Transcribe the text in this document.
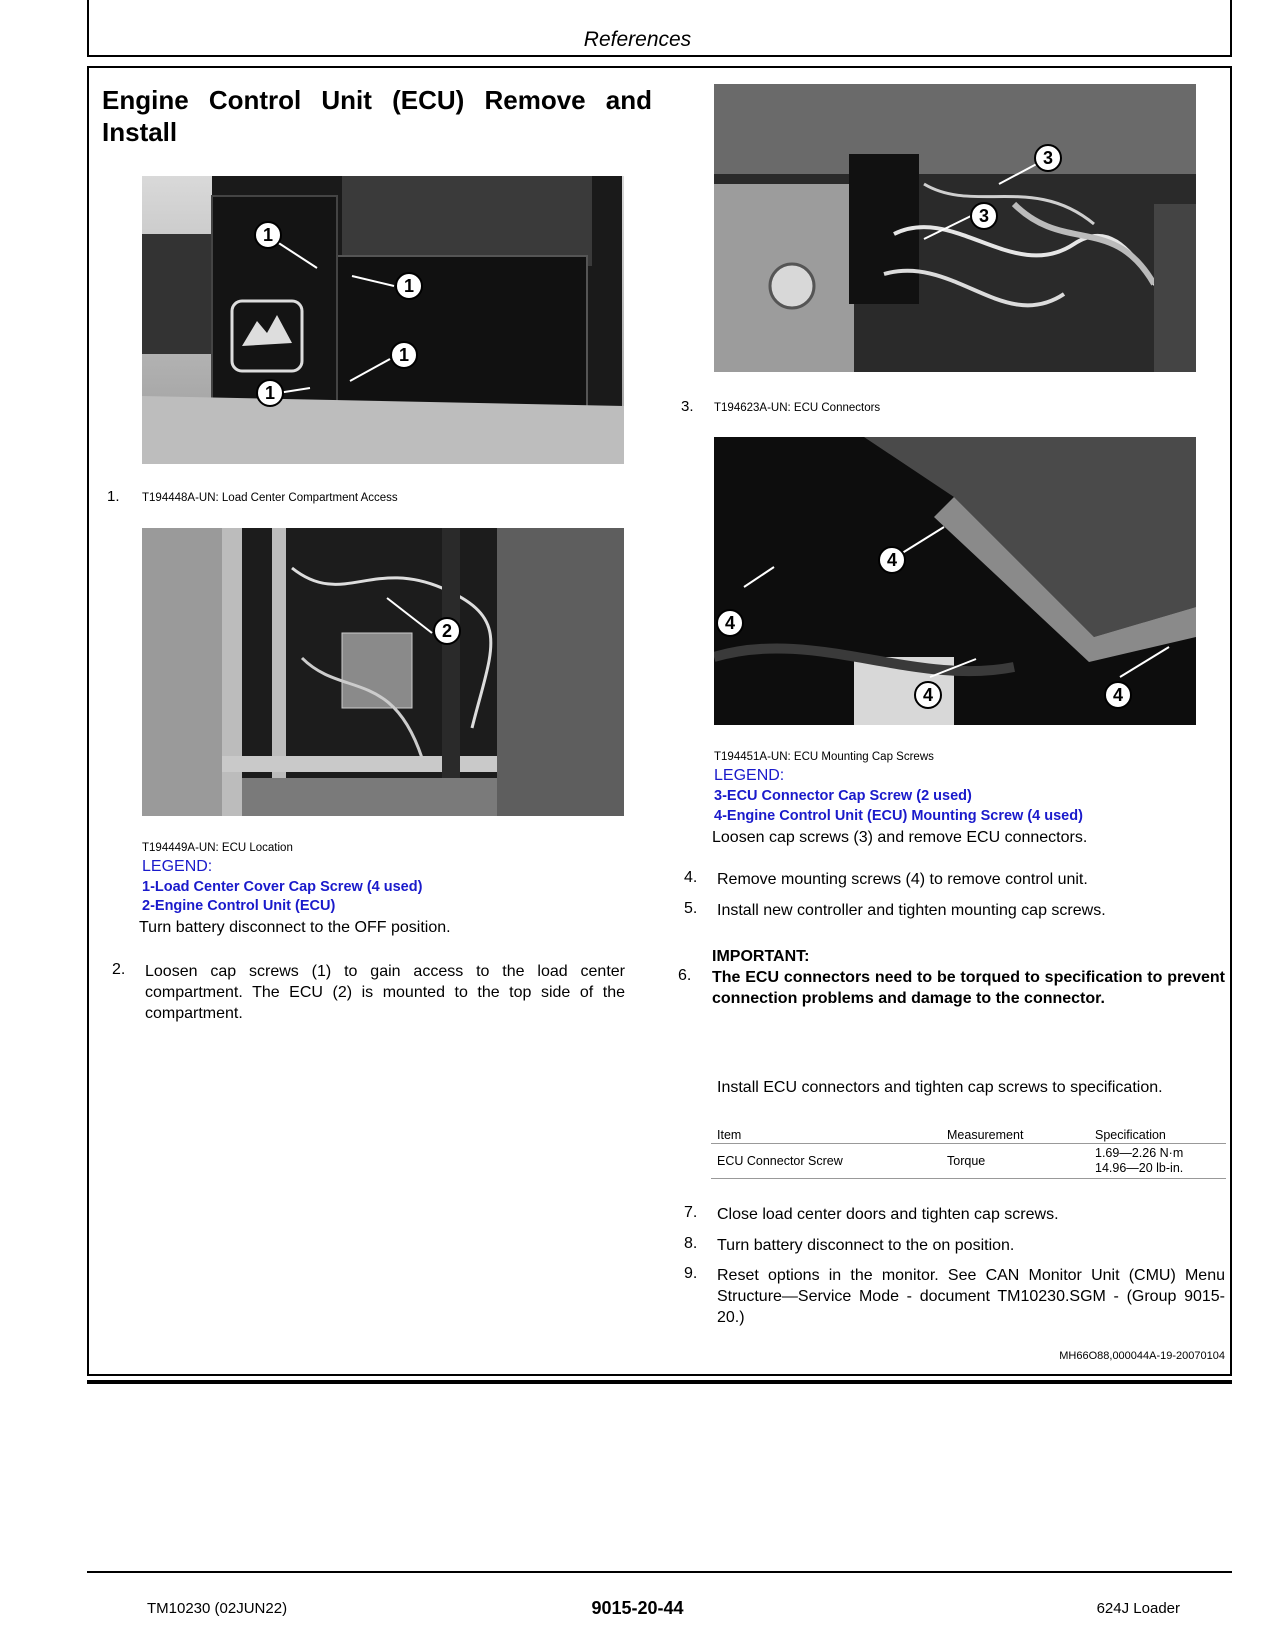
References
Engine Control Unit (ECU) Remove and Install
1
1
1
1
1. T194448A-UN: Load Center Compartment Access
2
T194449A-UN: ECU Location
LEGEND:
1-Load Center Cover Cap Screw (4 used)
2-Engine Control Unit (ECU)
Turn battery disconnect to the OFF position.
2. Loosen cap screws (1) to gain access to the load center compartment. The ECU (2) is mounted to the top side of the compartment.
3
3
3. T194623A-UN: ECU Connectors
4
4
4	4
T194451A-UN: ECU Mounting Cap Screws
LEGEND:
3-ECU Connector Cap Screw (2 used)
4-Engine Control Unit (ECU) Mounting Screw (4 used)
Loosen cap screws (3) and remove ECU connectors.
4. Remove mounting screws (4) to remove control unit.
5. Install new controller and tighten mounting cap screws.
IMPORTANT:
6. The ECU connectors need to be torqued to specification to prevent connection problems and damage to the connector.
Install ECU connectors and tighten cap screws to specification.
Item	Measurement	Specification
ECU Connector Screw	Torque	1.69—2.26 N·m
14.96—20 lb-in.
7. Close load center doors and tighten cap screws.
8. Turn battery disconnect to the on position.
9. Reset options in the monitor. See CAN Monitor Unit (CMU) Menu Structure—Service Mode - document TM10230.SGM - (Group 9015-20.)
MH66O88,000044A-19-20070104
TM10230 (02JUN22)	9015-20-44	624J Loader
